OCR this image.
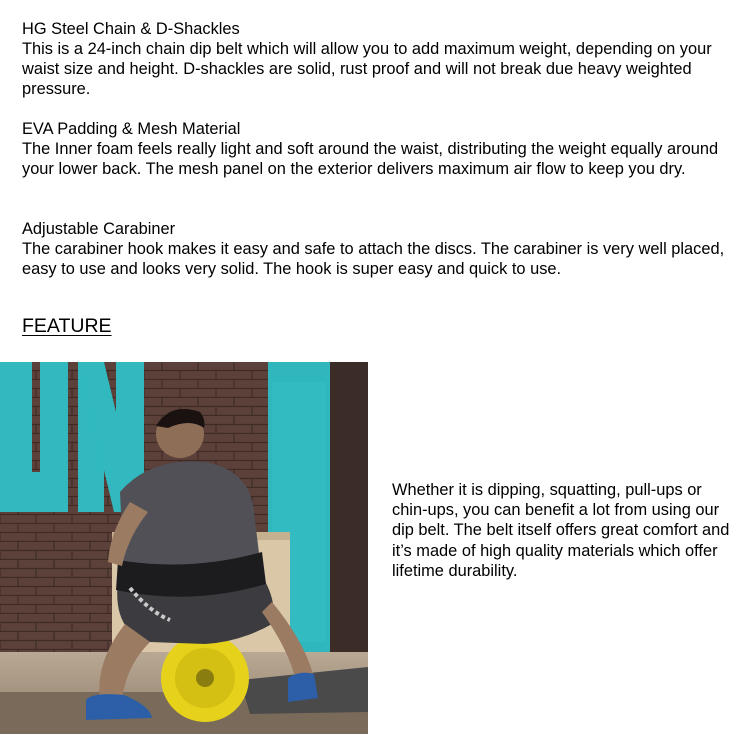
HG Steel Chain & D-Shackles

This is a 24-inch chain dip belt which will allow you to add maximum weight, depending on your waist size and height. D-shackles are solid, rust proof and will not break due heavy weighted pressure.

EVA Padding & Mesh Material

The Inner foam feels really light and soft around the waist, distributing the weight equally around your lower back. The mesh panel on the exterior delivers maximum air flow to keep you dry.

Adjustable Carabiner

The carabiner hook makes it easy and safe to attach the discs. The carabiner is very well placed, easy to use and looks very solid. The hook is super easy and quick to use.

FEATURE

Whether it is dipping, squatting, pull-ups or chin-ups, you can benefit a lot from using our dip belt. The belt itself offers great comfort and it’s made of high quality materials which offer lifetime durability.
